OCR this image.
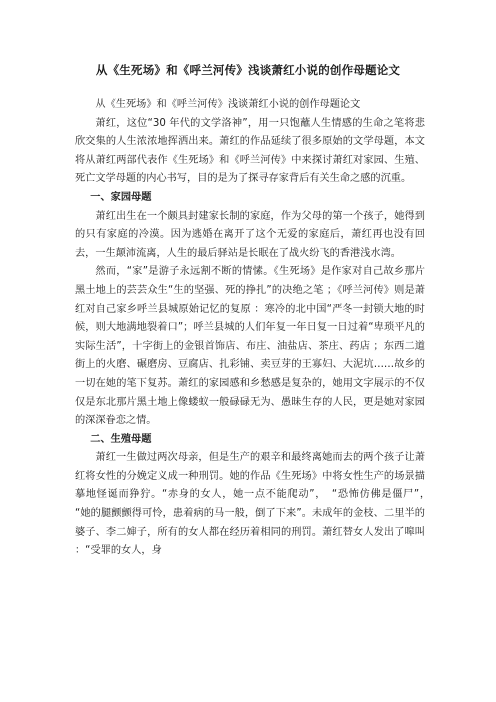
从《生死场》和《呼兰河传》浅谈萧红小说的创作母题论文

从《生死场》和《呼兰河传》浅谈萧红小说的创作母题论文

萧红，这位“30 年代的文学洛神”，用一只饱蘸人生情感的生命之笔将悲欣交集的人生浓浓地挥洒出来。萧红的作品延续了很多原始的文学母题，本文将从萧红两部代表作《生死场》和《呼兰河传》中来探讨萧红对家园、生殖、死亡文学母题的内心书写，目的是为了探寻存家背后有关生命之感的沉重。

一、家园母题

萧红出生在一个颇具封建家长制的家庭，作为父母的第一个孩子，她得到的只有家庭的冷漠。因为逃婚在离开了这个无爱的家庭后，萧红再也没有回去，一生颠沛流离，人生的最后驿站是长眠在了战火纷飞的香港浅水湾。

然而，“家”是游子永远割不断的情愫。《生死场》是作家对自己故乡那片黑土地上的芸芸众生“生的坚强、死的挣扎”的决绝之笔 ；《呼兰河传》则是萧红对自己家乡呼兰县城原始记忆的复原 ：寒冷的北中国“严冬一封锁大地的时候，则大地满地裂着口”；呼兰县城的人们年复一年日复一日过着“卑琐平凡的实际生活”，十字街上的金银首饰店、布庄、油盐店、茶庄、药店 ；东西二道街上的火磨、碾磨房、豆腐店、扎彩铺、卖豆芽的王寡妇、大泥坑……故乡的一切在她的笔下复苏。萧红的家园感和乡愁感是复杂的，她用文字展示的不仅仅是东北那片黑土地上像蝼蚁一般碌碌无为、愚昧生存的人民，更是她对家园的深深眷恋之情。

二、生殖母题

萧红一生做过两次母亲，但是生产的艰辛和最终离她而去的两个孩子让萧红将女性的分娩定义成一种刑罚。她的作品《生死场》中将女性生产的场景描摹地怪诞而狰狞。“赤身的女人，她一点不能爬动”，　“恐怖仿佛是僵尸”，　“她的腿颤颤得可怜，患着病的马一般，倒了下来”。未成年的金枝、二里半的婆子、李二婶子，所有的女人都在经历着相同的刑罚。萧红替女人发出了嗥叫 ：“受罪的女人，身
